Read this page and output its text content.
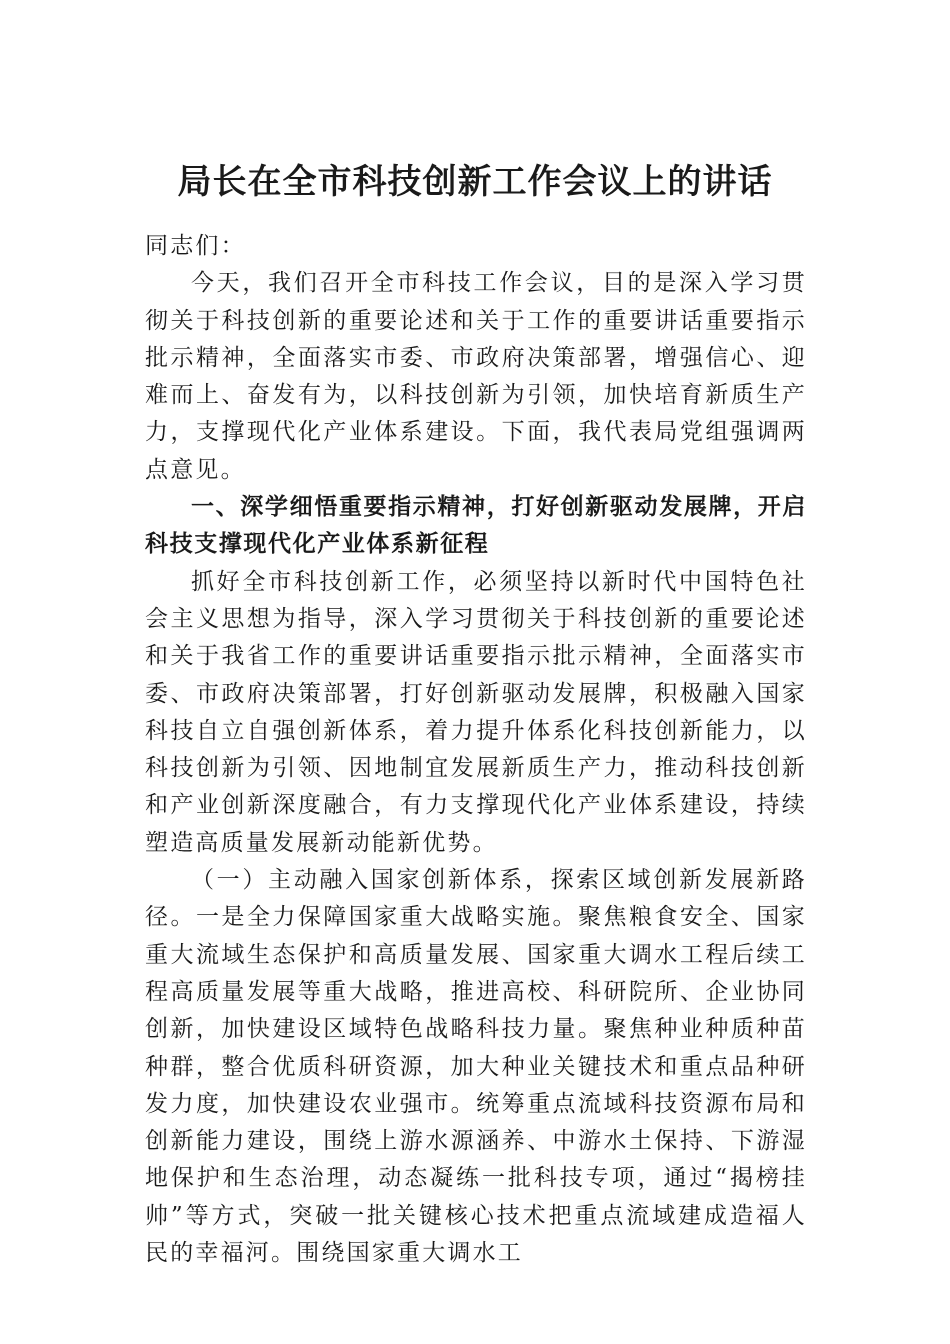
局长在全市科技创新工作会议上的讲话

同志们：

今天，我们召开全市科技工作会议，目的是深入学习贯彻关于科技创新的重要论述和关于工作的重要讲话重要指示批示精神，全面落实市委、市政府决策部署，增强信心、迎难而上、奋发有为，以科技创新为引领，加快培育新质生产力，支撑现代化产业体系建设。下面，我代表局党组强调两点意见。

一、深学细悟重要指示精神，打好创新驱动发展牌，开启科技支撑现代化产业体系新征程

抓好全市科技创新工作，必须坚持以新时代中国特色社会主义思想为指导，深入学习贯彻关于科技创新的重要论述和关于我省工作的重要讲话重要指示批示精神，全面落实市委、市政府决策部署，打好创新驱动发展牌，积极融入国家科技自立自强创新体系，着力提升体系化科技创新能力，以科技创新为引领、因地制宜发展新质生产力，推动科技创新和产业创新深度融合，有力支撑现代化产业体系建设，持续塑造高质量发展新动能新优势。

（一）主动融入国家创新体系，探索区域创新发展新路径。一是全力保障国家重大战略实施。聚焦粮食安全、国家重大流域生态保护和高质量发展、国家重大调水工程后续工程高质量发展等重大战略，推进高校、科研院所、企业协同创新，加快建设区域特色战略科技力量。聚焦种业种质种苗种群，整合优质科研资源，加大种业关键技术和重点品种研发力度，加快建设农业强市。统筹重点流域科技资源布局和创新能力建设，围绕上游水源涵养、中游水土保持、下游湿地保护和生态治理，动态凝练一批科技专项，通过“揭榜挂帅”等方式，突破一批关键核心技术把重点流域建成造福人民的幸福河。围绕国家重大调水工
